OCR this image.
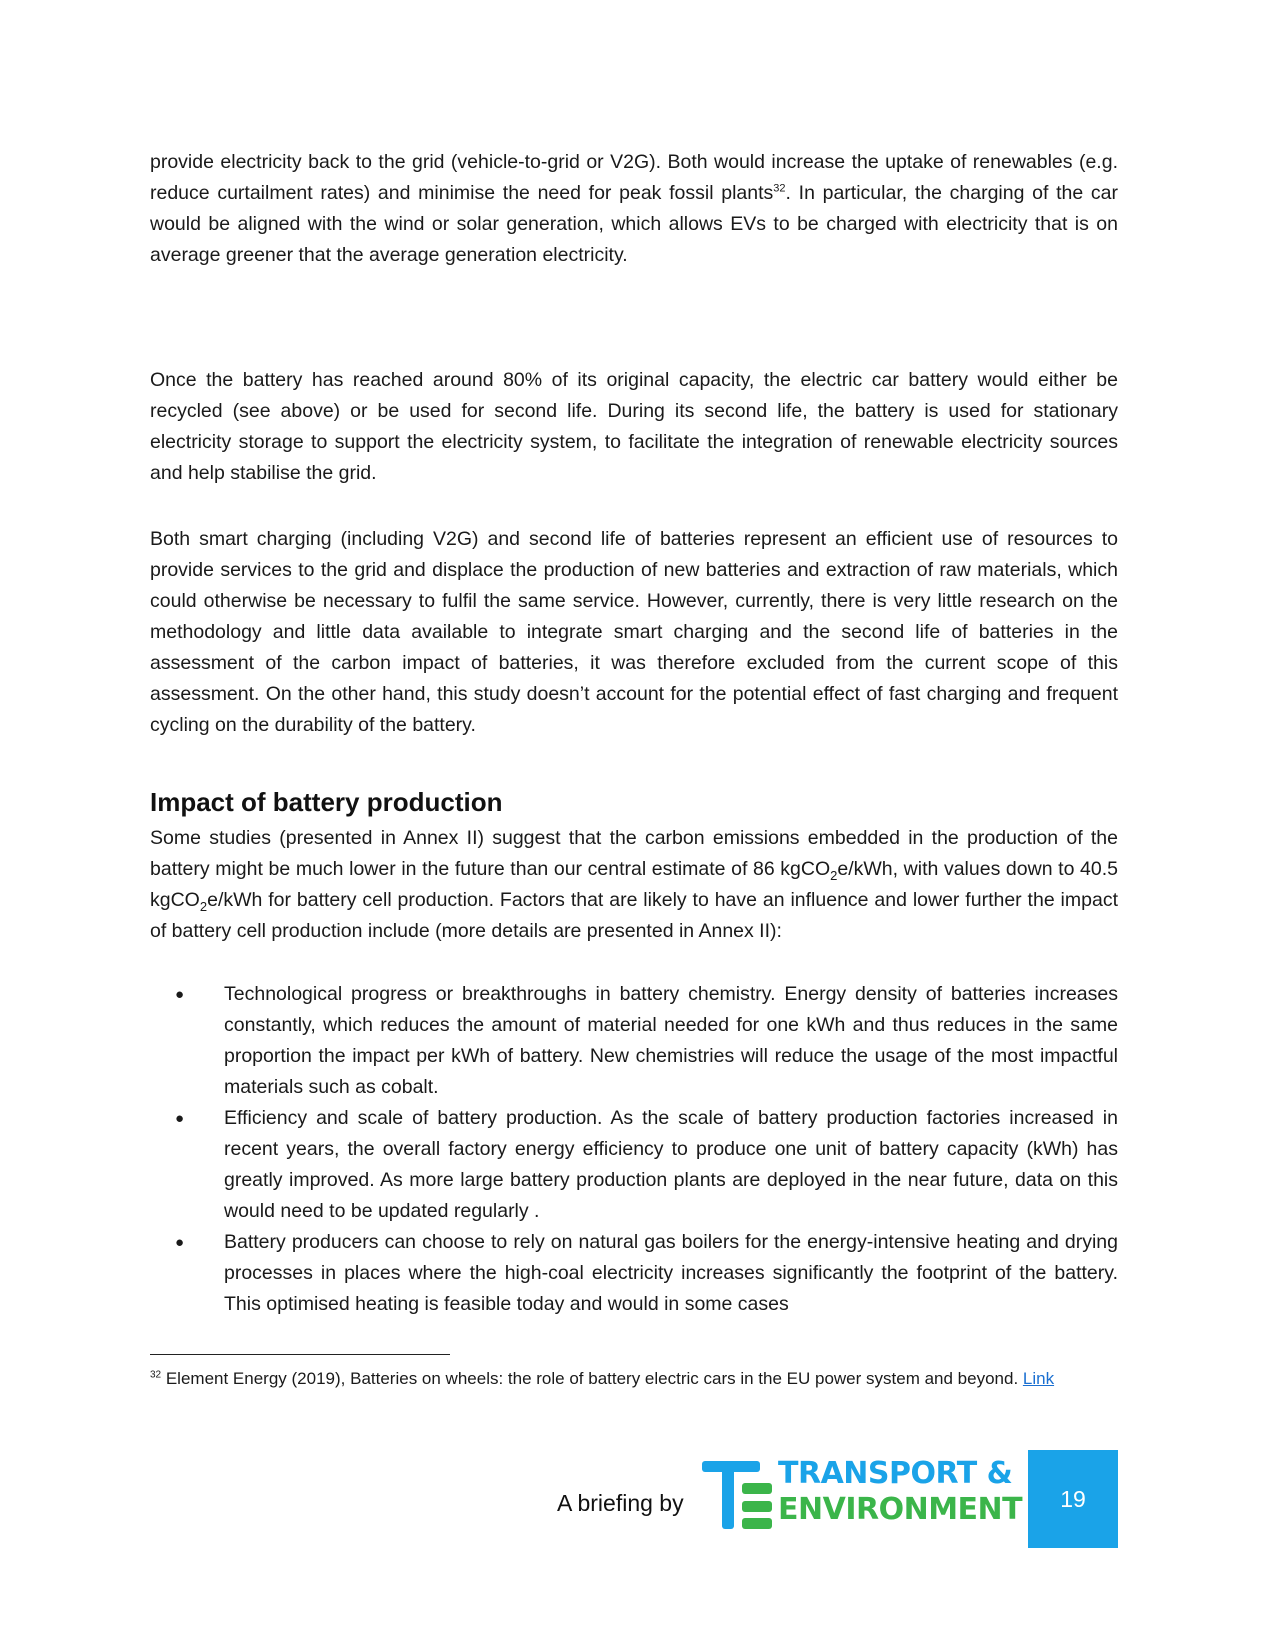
provide electricity back to the grid (vehicle-to-grid or V2G). Both would increase the uptake of renewables (e.g. reduce curtailment rates) and minimise the need for peak fossil plants$^{32}$. In particular, the charging of the car would be aligned with the wind or solar generation, which allows EVs to be charged with electricity that is on average greener that the average generation electricity.

Once the battery has reached around 80% of its original capacity, the electric car battery would either be recycled (see above) or be used for second life. During its second life, the battery is used for stationary electricity storage to support the electricity system, to facilitate the integration of renewable electricity sources and help stabilise the grid.

Both smart charging (including V2G) and second life of batteries represent an efficient use of resources to provide services to the grid and displace the production of new batteries and extraction of raw materials, which could otherwise be necessary to fulfil the same service. However, currently, there is very little research on the methodology and little data available to integrate smart charging and the second life of batteries in the assessment of the carbon impact of batteries, it was therefore excluded from the current scope of this assessment. On the other hand, this study doesn’t account for the potential effect of fast charging and frequent cycling on the durability of the battery.

Impact of battery production

Some studies (presented in Annex II) suggest that the carbon emissions embedded in the production of the battery might be much lower in the future than our central estimate of 86 kgCO$_2$e/kWh, with values down to 40.5 kgCO$_2$e/kWh for battery cell production. Factors that are likely to have an influence and lower further the impact of battery cell production include (more details are presented in Annex II):

● Technological progress or breakthroughs in battery chemistry. Energy density of batteries increases constantly, which reduces the amount of material needed for one kWh and thus reduces in the same proportion the impact per kWh of battery. New chemistries will reduce the usage of the most impactful materials such as cobalt.
● Efficiency and scale of battery production. As the scale of battery production factories increased in recent years, the overall factory energy efficiency to produce one unit of battery capacity (kWh) has greatly improved. As more large battery production plants are deployed in the near future, data on this would need to be updated regularly .
● Battery producers can choose to rely on natural gas boilers for the energy-intensive heating and drying processes in places where the high-coal electricity increases significantly the footprint of the battery. This optimised heating is feasible today and would in some cases

$^{32}$ Element Energy (2019), Batteries on wheels: the role of battery electric cars in the EU power system and beyond. Link

A briefing by
TRANSPORT &
ENVIRONMENT 19
